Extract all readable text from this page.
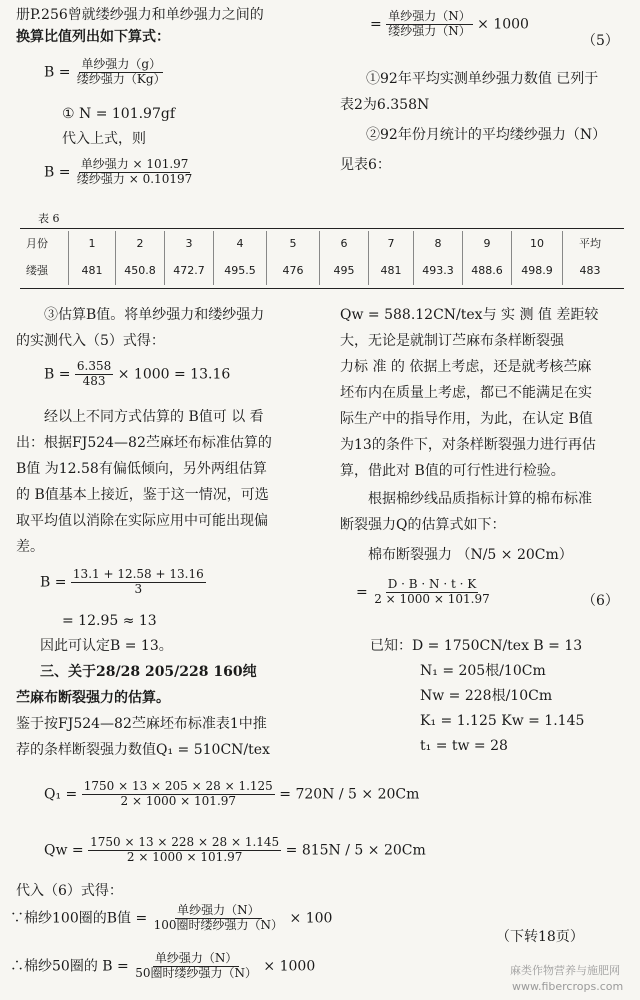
册P.256曾就缕纱强力和单纱强力之间的
换算比值列出如下算式：
$B = \frac{\text{单纱强力（g）}}{\text{缕纱强力（Kg）}}$
① N = 101.97gf
代入上式，则
$B = \frac{\text{单纱强力 × 101.97}}{\text{缕纱强力 × 0.10197}}$
= $\frac{\text{单纱强力（N）}}{\text{缕纱强力（N）}} \times 1000$
（5）
①92年平均实测单纱强力数值 已列于
表2为6.358N
②92年份月统计的平均缕纱强力（N）
见表6：
表 6
月份	1	2	3	4	5	6	7	8	9	10	平均
缕强	481	450.8	472.7	495.5	476	495	481	493.3	488.6	498.9	483
③估算B值。将单纱强力和缕纱强力
的实测代入（5）式得：
$B = \frac{6.358}{483} \times 1000 = 13.16$
经以上不同方式估算的 B值可 以 看
出：根据FJ524—82苎麻坯布标准估算的
B值 为12.58有偏低倾向，另外两组估算
的 B值基本上接近，鉴于这一情况，可选
取平均值以消除在实际应用中可能出现偏
差。
$B = \frac{13.1 + 12.58 + 13.16}{3}$
= 12.95 ≈ 13
因此可认定B = 13。
三、关于28/28 205/228 160纯
苎麻布断裂强力的估算。
鉴于按FJ524—82苎麻坯布标准表1中推
荐的条样断裂强力数值Q₁ = 510CN/tex
Qw = 588.12CN/tex与 实 测 值 差距较
大，无论是就制订苎麻布条样断裂强
力标 准 的 依据上考虑，还是就考核苎麻
坯布内在质量上考虑，都已不能满足在实
际生产中的指导作用，为此，在认定 B值
为13的条件下，对条样断裂强力进行再估
算，借此对 B值的可行性进行检验。
根据棉纱线品质指标计算的棉布标准
断裂强力Q的估算式如下：
棉布断裂强力 （N/5 × 20Cm）
= $\frac{D \cdot B \cdot N \cdot t \cdot K}{2 \times 1000 \times 101.97}$	（6）
已知：D = 1750CN/tex B = 13
N₁ = 205根/10Cm
Nw = 228根/10Cm
K₁ = 1.125 Kw = 1.145
t₁ = tw = 28
$Q_1 = \frac{1750 \times 13 \times 205 \times 28 \times 1.125}{2 \times 1000 \times 101.97} = 720N / 5 \times 20Cm$
$Qw = \frac{1750 \times 13 \times 228 \times 28 \times 1.145}{2 \times 1000 \times 101.97} = 815N / 5 \times 20Cm$
代入（6）式得：
∵棉纱100圈的B值 = $\frac{\text{单纱强力（N）}}{\text{100圈时缕纱强力（N）}} \times 100$
∴棉纱50圈的 $B = \frac{\text{单纱强力（N）}}{\text{50圈时缕纱强力（N）}} \times 1000$
（下转18页）
麻类作物营养与施肥网
www.fibercrops.com
